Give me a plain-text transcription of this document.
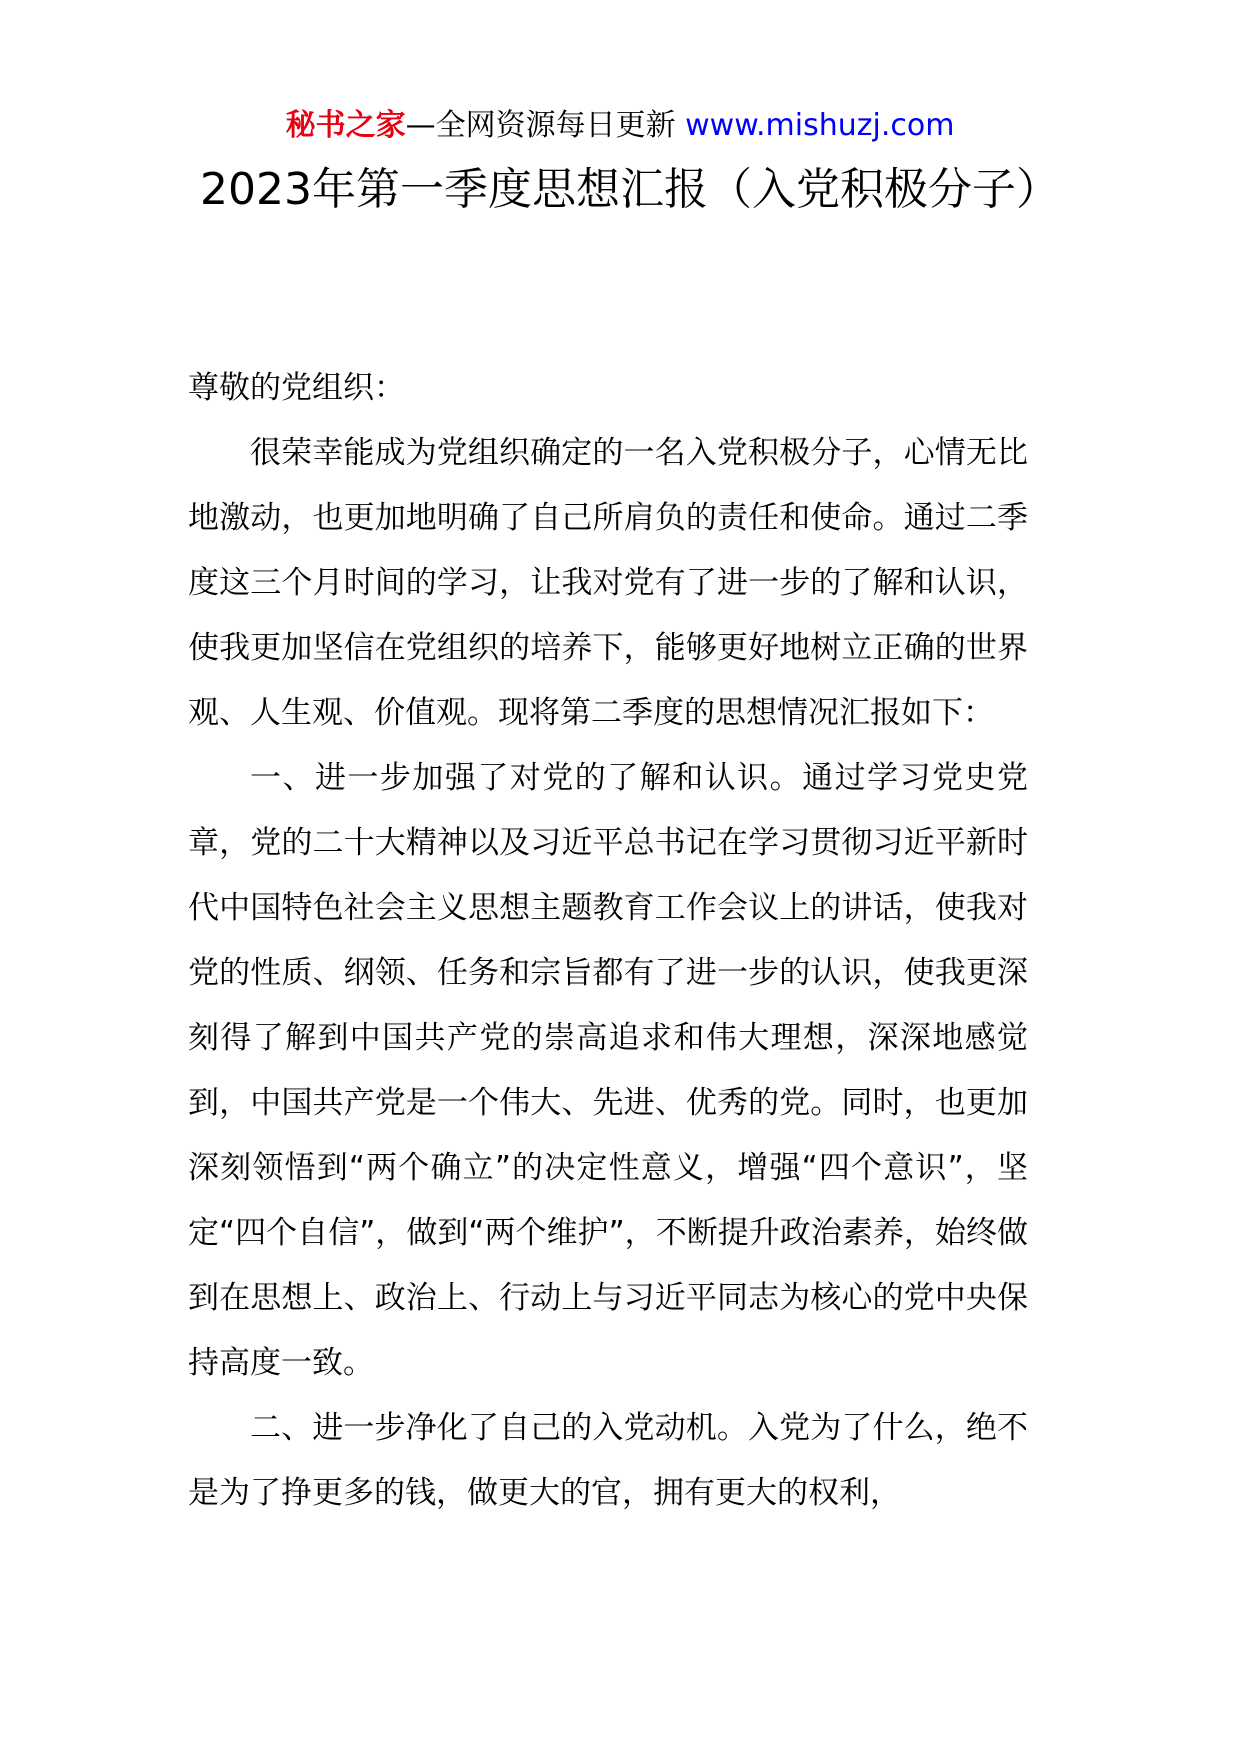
秘书之家—全网资源每日更新 www.mishuzj.com
2023年第一季度思想汇报（入党积极分子）

尊敬的党组织：

很荣幸能成为党组织确定的一名入党积极分子，心情无比地激动，也更加地明确了自己所肩负的责任和使命。通过二季度这三个月时间的学习，让我对党有了进一步的了解和认识，使我更加坚信在党组织的培养下，能够更好地树立正确的世界观、人生观、价值观。现将第二季度的思想情况汇报如下：

一、进一步加强了对党的了解和认识。通过学习党史党章，党的二十大精神以及习近平总书记在学习贯彻习近平新时代中国特色社会主义思想主题教育工作会议上的讲话，使我对党的性质、纲领、任务和宗旨都有了进一步的认识，使我更深刻得了解到中国共产党的崇高追求和伟大理想，深深地感觉到，中国共产党是一个伟大、先进、优秀的党。同时，也更加深刻领悟到“两个确立”的决定性意义，增强“四个意识”，坚定“四个自信”，做到“两个维护”，不断提升政治素养，始终做到在思想上、政治上、行动上与习近平同志为核心的党中央保持高度一致。

二、进一步净化了自己的入党动机。入党为了什么，绝不是为了挣更多的钱，做更大的官，拥有更大的权利，
